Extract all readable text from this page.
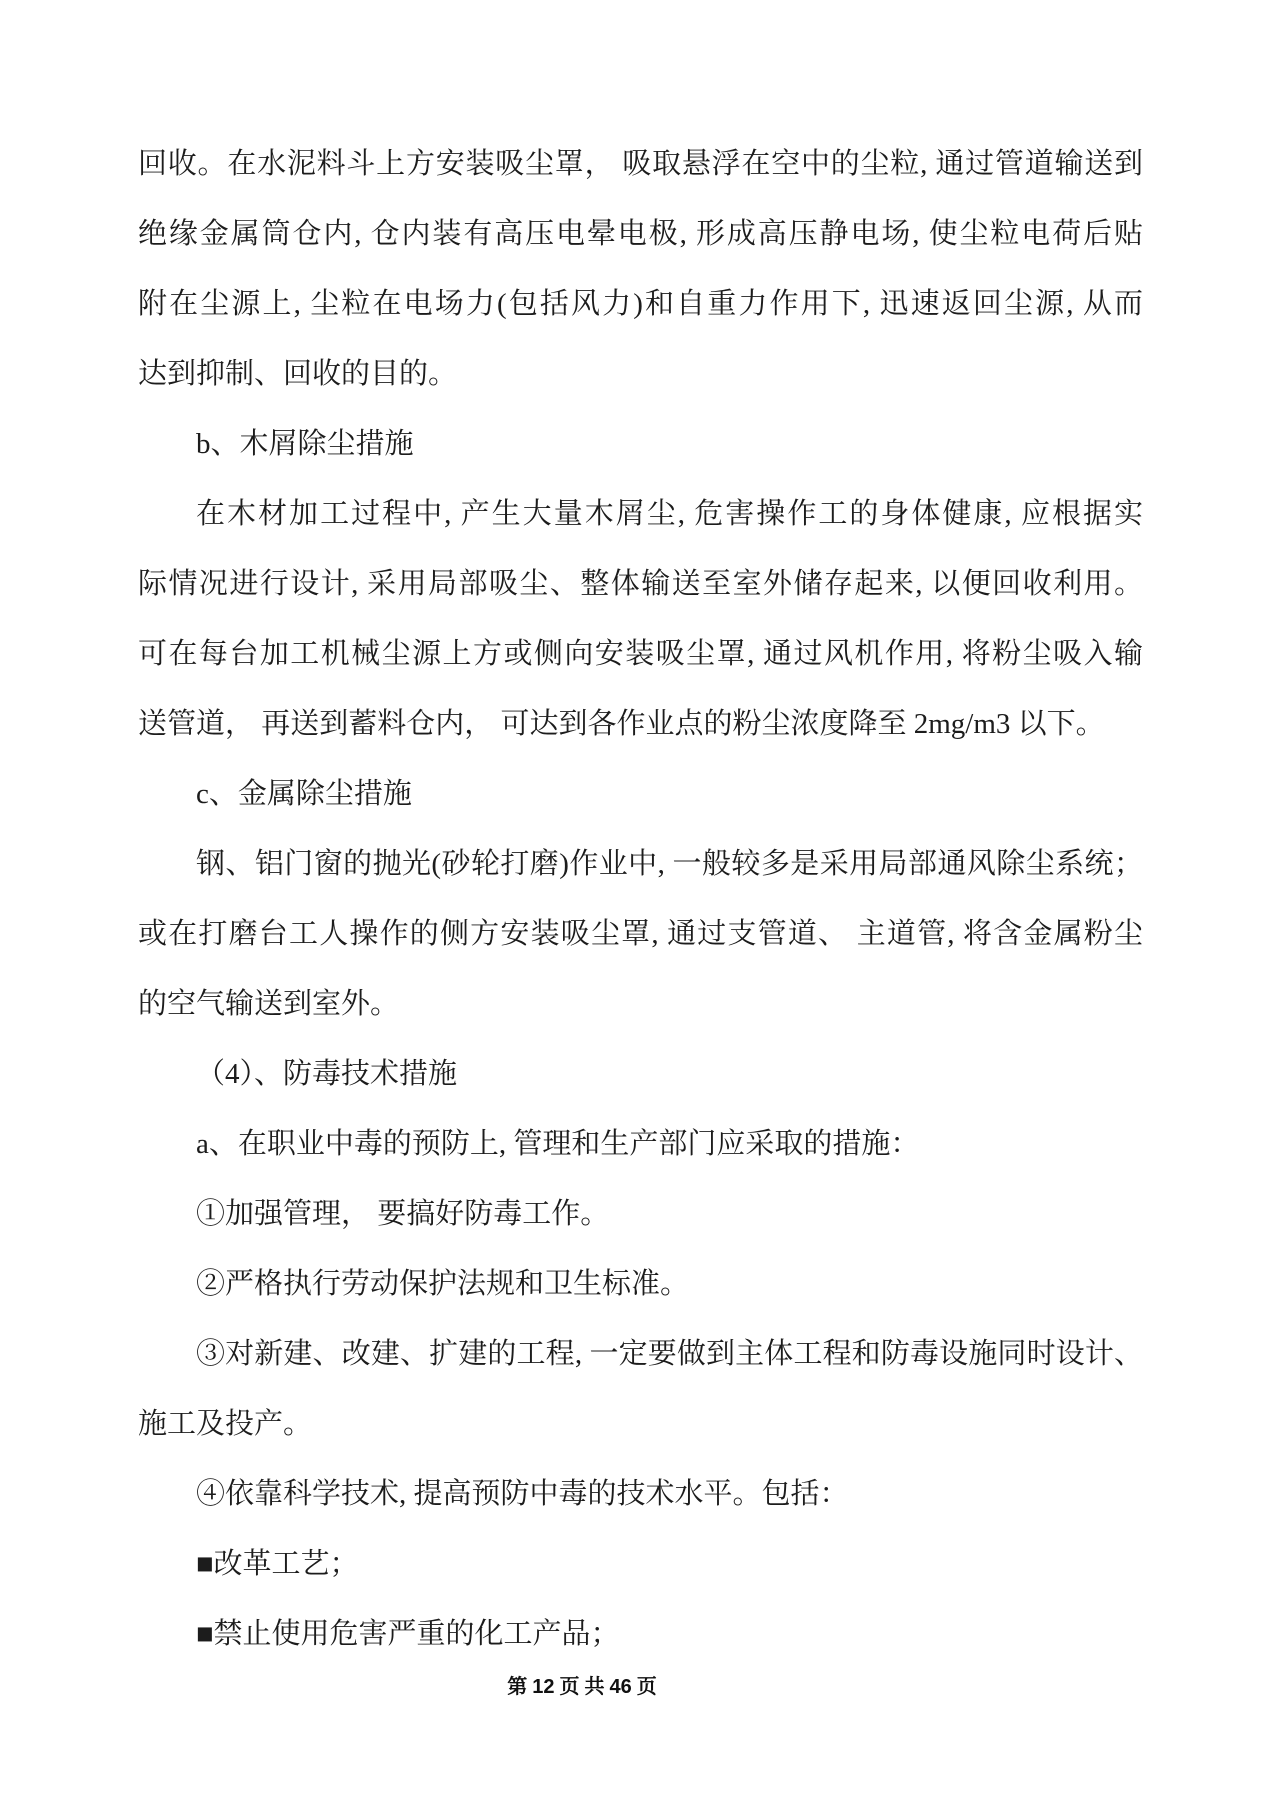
回收。在水泥料斗上方安装吸尘罩， 吸取悬浮在空中的尘粒, 通过管道输送到
绝缘金属筒仓内, 仓内装有高压电晕电极, 形成高压静电场, 使尘粒电荷后贴
附在尘源上, 尘粒在电场力(包括风力)和自重力作用下, 迅速返回尘源, 从而
达到抑制、回收的目的。
b、木屑除尘措施
在木材加工过程中, 产生大量木屑尘, 危害操作工的身体健康, 应根据实
际情况进行设计, 采用局部吸尘、整体输送至室外储存起来, 以便回收利用。
可在每台加工机械尘源上方或侧向安装吸尘罩, 通过风机作用, 将粉尘吸入输
送管道， 再送到蓄料仓内， 可达到各作业点的粉尘浓度降至 2mg/m3 以下。
c、金属除尘措施
钢、铝门窗的抛光(砂轮打磨)作业中, 一般较多是采用局部通风除尘系统；
或在打磨台工人操作的侧方安装吸尘罩, 通过支管道、 主道管, 将含金属粉尘
的空气输送到室外。
（4）、防毒技术措施
a、在职业中毒的预防上, 管理和生产部门应采取的措施：
①加强管理， 要搞好防毒工作。
②严格执行劳动保护法规和卫生标准。
③对新建、改建、扩建的工程, 一定要做到主体工程和防毒设施同时设计、
施工及投产。
④依靠科学技术, 提高预防中毒的技术水平。包括：
■改革工艺；
■禁止使用危害严重的化工产品；
第 12 页 共 46 页
